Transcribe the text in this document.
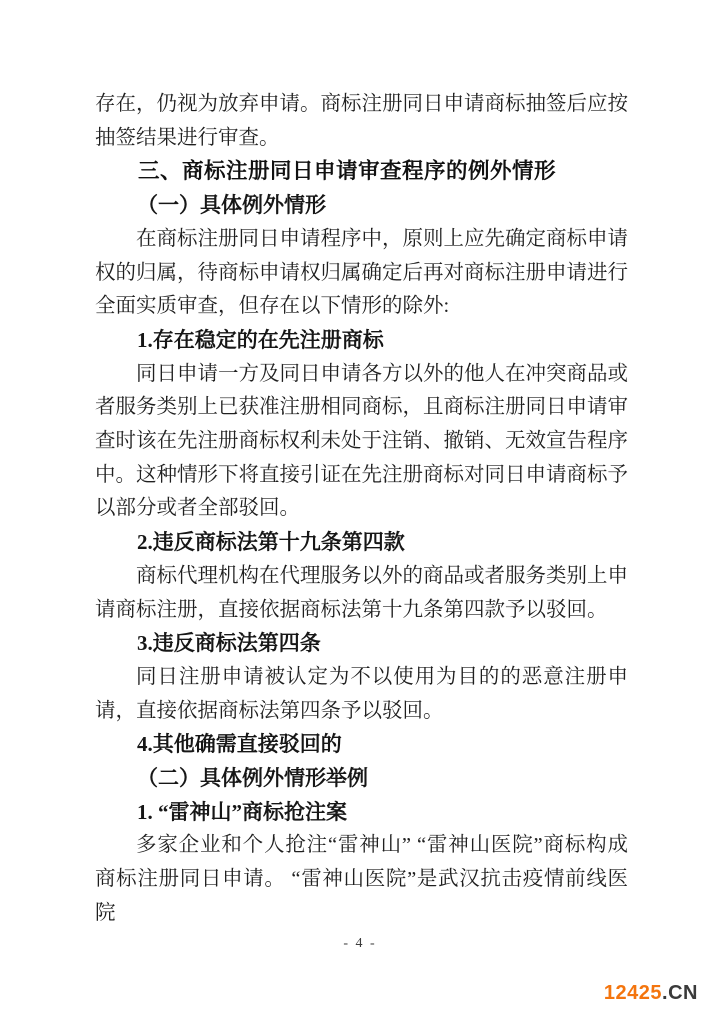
存在，仍视为放弃申请。商标注册同日申请商标抽签后应按抽签结果进行审查。
三、商标注册同日申请审查程序的例外情形
（一）具体例外情形
在商标注册同日申请程序中，原则上应先确定商标申请权的归属，待商标申请权归属确定后再对商标注册申请进行全面实质审查，但存在以下情形的除外:
1.存在稳定的在先注册商标
同日申请一方及同日申请各方以外的他人在冲突商品或者服务类别上已获准注册相同商标，且商标注册同日申请审查时该在先注册商标权利未处于注销、撤销、无效宣告程序中。这种情形下将直接引证在先注册商标对同日申请商标予以部分或者全部驳回。
2.违反商标法第十九条第四款
商标代理机构在代理服务以外的商品或者服务类别上申请商标注册，直接依据商标法第十九条第四款予以驳回。
3.违反商标法第四条
同日注册申请被认定为不以使用为目的的恶意注册申请，直接依据商标法第四条予以驳回。
4.其他确需直接驳回的
（二）具体例外情形举例
1. “雷神山”商标抢注案
多家企业和个人抢注“雷神山” “雷神山医院”商标构成商标注册同日申请。 “雷神山医院”是武汉抗击疫情前线医院
- 4 -
12425.CN
